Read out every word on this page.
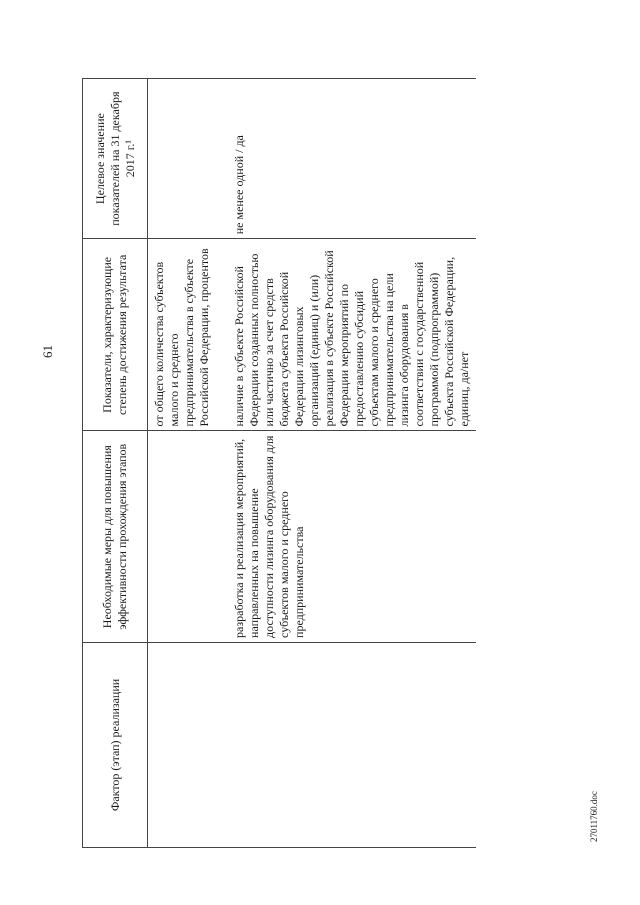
61
Фактор (этап) реализации	Необходимые меры для повышения эффективности прохождения этапов	Показатели, характеризующие степень достижения результата	Целевое значение показателей на 31 декабря 2017 г.¹
		от общего количества субъектов малого и среднего предпринимательства в субъекте Российской Федерации, процентов	
	разработка и реализация мероприятий, направленных на повышение доступности лизинга оборудования для субъектов малого и среднего предпринимательства	наличие в субъекте Российской Федерации созданных полностью или частично за счет средств бюджета субъекта Российской Федерации лизинговых организаций (единиц) и (или) реализация в субъекте Российской Федерации мероприятий по предоставлению субсидий субъектам малого и среднего предпринимательства на цели лизинга оборудования в соответствии с государственной программой (подпрограммой) субъекта Российской Федерации, единиц, да/нет	не менее одной / да
27011760.doc
